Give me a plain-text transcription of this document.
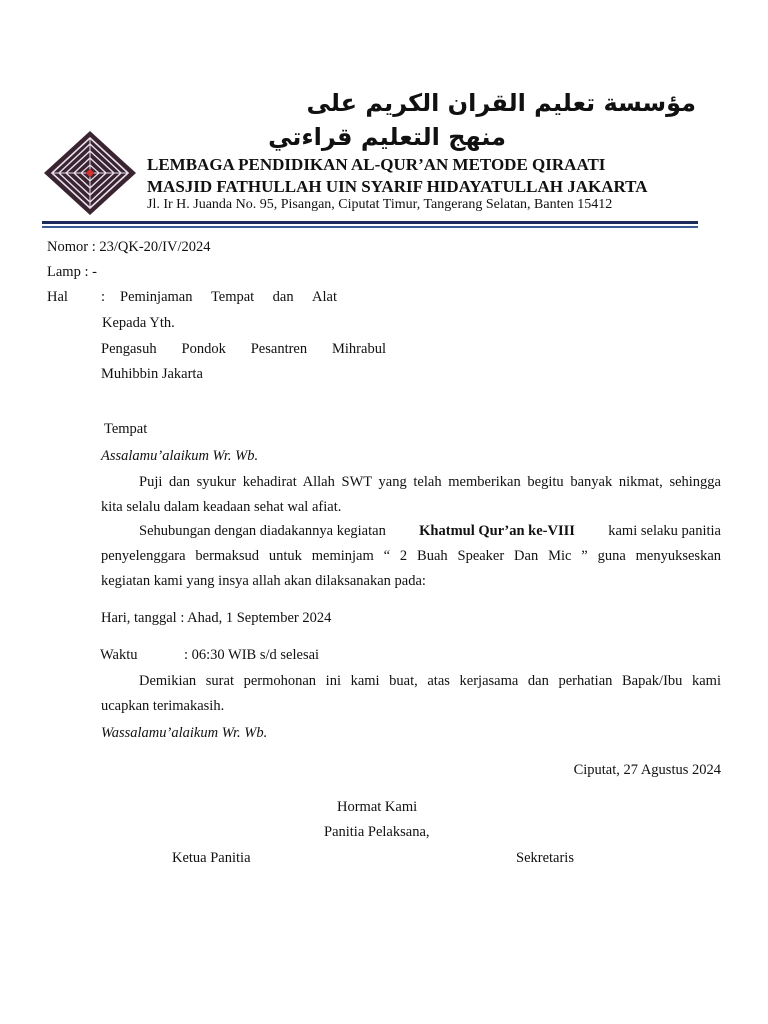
مؤسسة تعليم القران الكريم على
منهج التعليم قراءتي
LEMBAGA PENDIDIKAN AL-QUR’AN METODE QIRAATI
MASJID FATHULLAH UIN SYARIF HIDAYATULLAH JAKARTA
Jl. Ir H. Juanda No. 95, Pisangan, Ciputat Timur, Tangerang Selatan, Banten 15412
Nomor : 23/QK-20/IV/2024
Lamp : -
Hal : Peminjaman Tempat dan Alat
Kepada Yth.
Pengasuh Pondok Pesantren Mihrabul
Muhibbin Jakarta
Tempat
Assalamu’alaikum Wr. Wb.
Puji dan syukur kehadirat Allah SWT yang telah memberikan begitu banyak nikmat, sehingga
kita selalu dalam keadaan sehat wal afiat.
Sehubungan dengan diadakannya kegiatan Khatmul Qur’an ke-VIII kami selaku panitia
penyelenggara bermaksud untuk meminjam “ 2 Buah Speaker Dan Mic ” guna menyukseskan
kegiatan kami yang insya allah akan dilaksanakan pada:
Hari, tanggal : Ahad, 1 September 2024
Waktu	: 06:30 WIB s/d selesai
Demikian surat permohonan ini kami buat, atas kerjasama dan perhatian Bapak/Ibu kami
ucapkan terimakasih.
Wassalamu’alaikum Wr. Wb.
Ciputat, 27 Agustus 2024
Hormat Kami
Panitia Pelaksana,
Ketua Panitia	Sekretaris
